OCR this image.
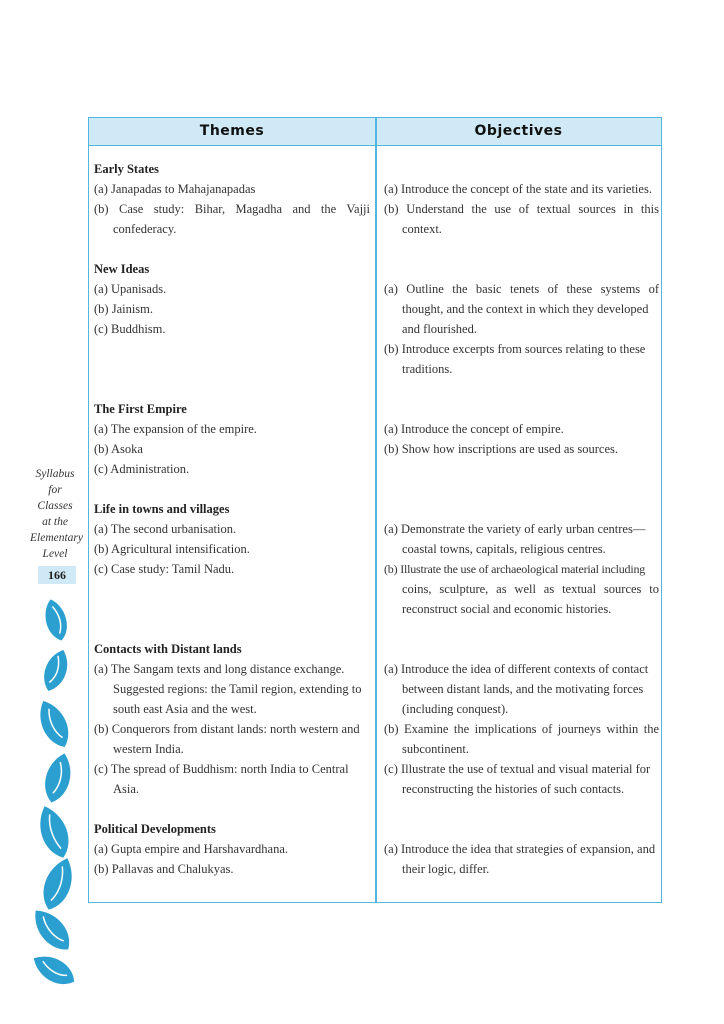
Themes	Objectives
Early States
(a) Janapadas to Mahajanapadas
(b) Case study: Bihar, Magadha and the Vajji
confederacy.
(a) Introduce the concept of the state and its varieties.
(b) Understand the use of textual sources in this
context.
New Ideas
(a) Upanisads.
(b) Jainism.
(c) Buddhism.
(a) Outline the basic tenets of these systems of
thought, and the context in which they developed
and flourished.
(b) Introduce excerpts from sources relating to these
traditions.
The First Empire
(a) The expansion of the empire.
(b) Asoka
(c) Administration.
(a) Introduce the concept of empire.
(b) Show how inscriptions are used as sources.
Life in towns and villages
(a) The second urbanisation.
(b) Agricultural intensification.
(c) Case study: Tamil Nadu.
(a) Demonstrate the variety of early urban centres—
coastal towns, capitals, religious centres.
(b) Illustrate the use of archaeological material including
coins, sculpture, as well as textual sources to
reconstruct social and economic histories.
Contacts with Distant lands
(a) The Sangam texts and long distance exchange.
Suggested regions: the Tamil region, extending to
south east Asia and the west.
(b) Conquerors from distant lands: north western and
western India.
(c) The spread of Buddhism: north India to Central
Asia.
(a) Introduce the idea of different contexts of contact
between distant lands, and the motivating forces
(including conquest).
(b) Examine the implications of journeys within the
subcontinent.
(c) Illustrate the use of textual and visual material for
reconstructing the histories of such contacts.
Political Developments
(a) Gupta empire and Harshavardhana.
(b) Pallavas and Chalukyas.
(a) Introduce the idea that strategies of expansion, and
their logic, differ.
Syllabus
for
Classes
at the
Elementary
Level
166
